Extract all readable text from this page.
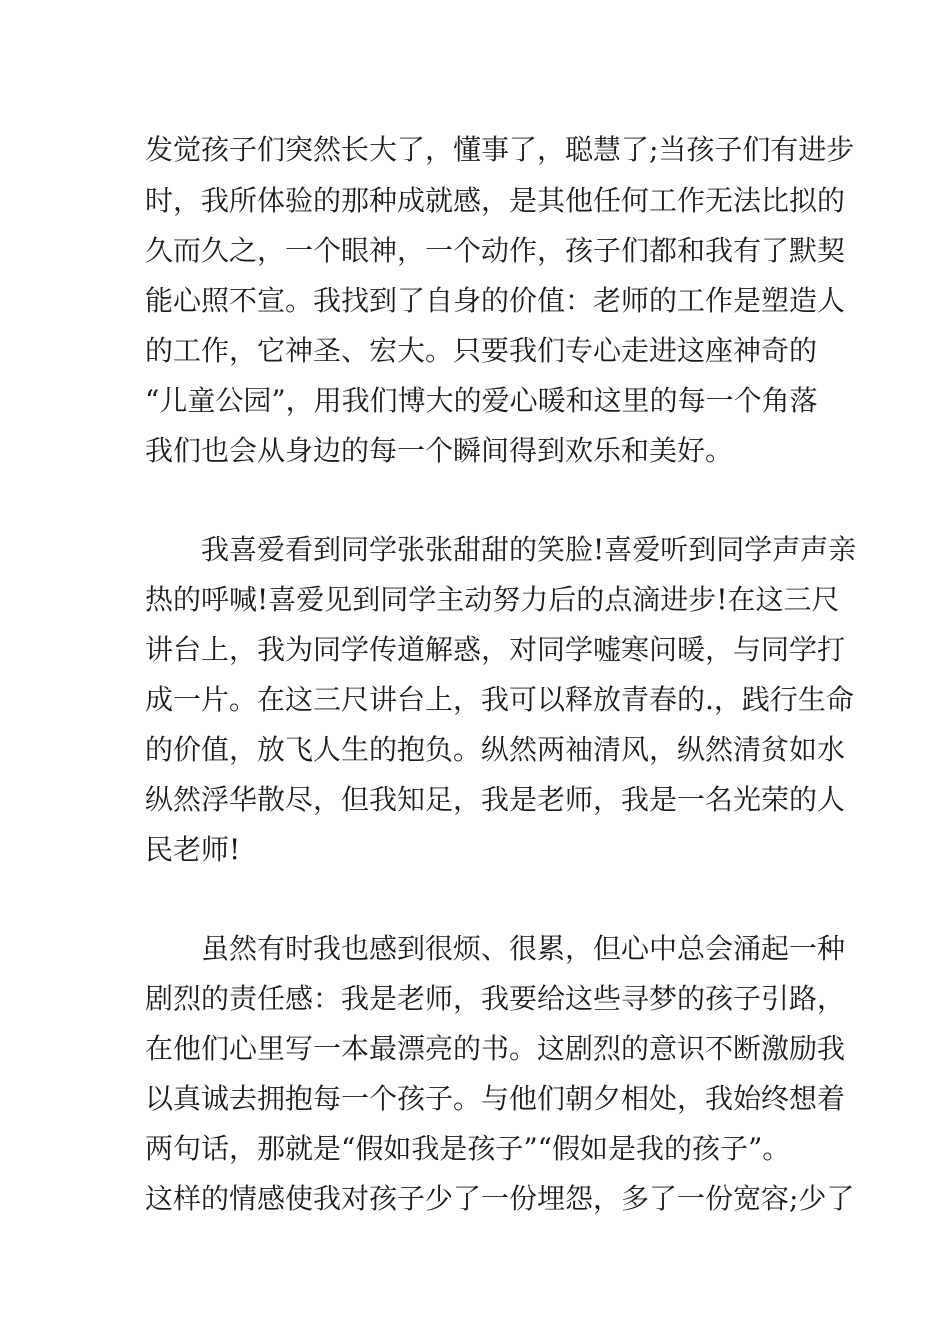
发觉孩子们突然长大了，懂事了，聪慧了;当孩子们有进步
时，我所体验的那种成就感，是其他任何工作无法比拟的
久而久之，一个眼神，一个动作，孩子们都和我有了默契
能心照不宣。我找到了自身的价值：老师的工作是塑造人
的工作，它神圣、宏大。只要我们专心走进这座神奇的
“儿童公园”，用我们博大的爱心暖和这里的每一个角落
我们也会从身边的每一个瞬间得到欢乐和美好。
我喜爱看到同学张张甜甜的笑脸!喜爱听到同学声声亲
热的呼喊!喜爱见到同学主动努力后的点滴进步!在这三尺
讲台上，我为同学传道解惑，对同学嘘寒问暖，与同学打
成一片。在这三尺讲台上，我可以释放青春的.，践行生命
的价值，放飞人生的抱负。纵然两袖清风，纵然清贫如水
纵然浮华散尽，但我知足，我是老师，我是一名光荣的人
民老师!
虽然有时我也感到很烦、很累，但心中总会涌起一种
剧烈的责任感：我是老师，我要给这些寻梦的孩子引路，
在他们心里写一本最漂亮的书。这剧烈的意识不断激励我
以真诚去拥抱每一个孩子。与他们朝夕相处，我始终想着
两句话，那就是“假如我是孩子”“假如是我的孩子”。
这样的情感使我对孩子少了一份埋怨，多了一份宽容;少了
